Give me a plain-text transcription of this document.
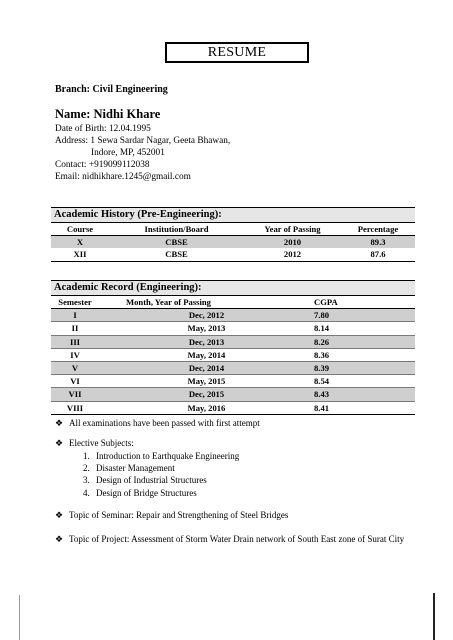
RESUME
Branch: Civil Engineering
Name: Nidhi Khare
Date of Birth: 12.04.1995
Address: 1 Sewa Sardar Nagar, Geeta Bhawan,
Indore, MP, 452001
Contact: +919099112038
Email: nidhikhare.1245@gmail.com
Academic History (Pre-Engineering):
Course	Institution/Board	Year of Passing	Percentage
X	CBSE	2010	89.3
XII	CBSE	2012	87.6
Academic Record (Engineering):
Semester	Month, Year of Passing	CGPA
I	Dec, 2012	7.80
II	May, 2013	8.14
III	Dec, 2013	8.26
IV	May, 2014	8.36
V	Dec, 2014	8.39
VI	May, 2015	8.54
VII	Dec, 2015	8.43
VIII	May, 2016	8.41
❖ All examinations have been passed with first attempt
❖ Elective Subjects:
1. Introduction to Earthquake Engineering
2. Disaster Management
3. Design of Industrial Structures
4. Design of Bridge Structures
❖ Topic of Seminar: Repair and Strengthening of Steel Bridges
❖ Topic of Project: Assessment of Storm Water Drain network of South East zone of Surat City
